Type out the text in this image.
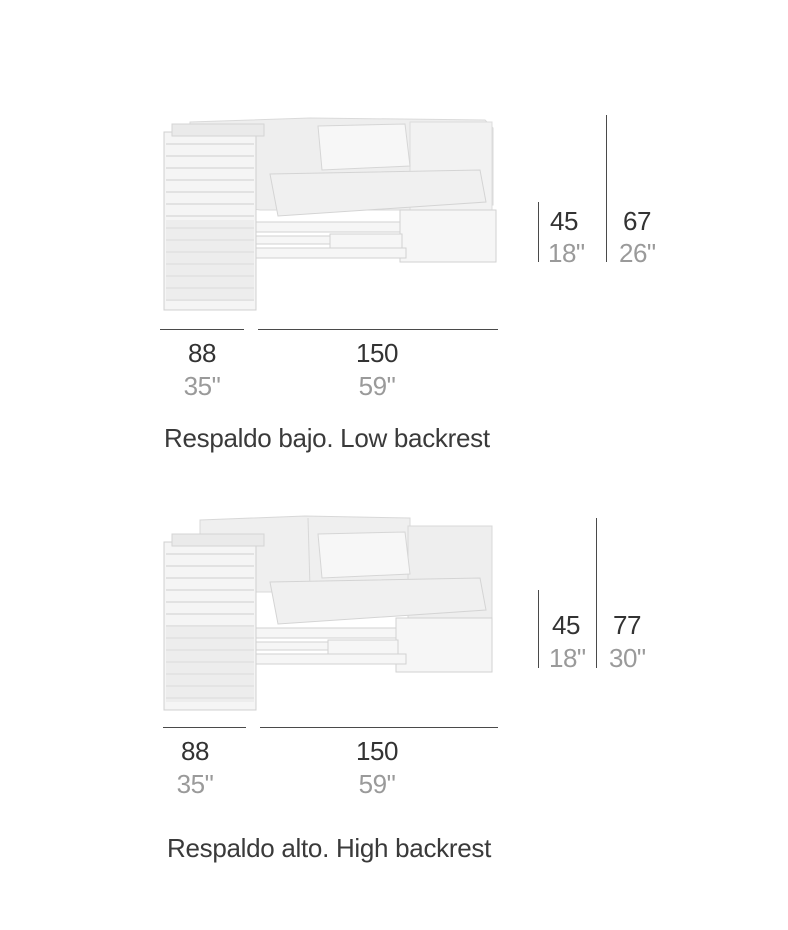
45
18"
67
26"
88
35"
150
59"
Respaldo bajo. Low backrest
45
18"
77
30"
88
35"
150
59"
Respaldo alto. High backrest
